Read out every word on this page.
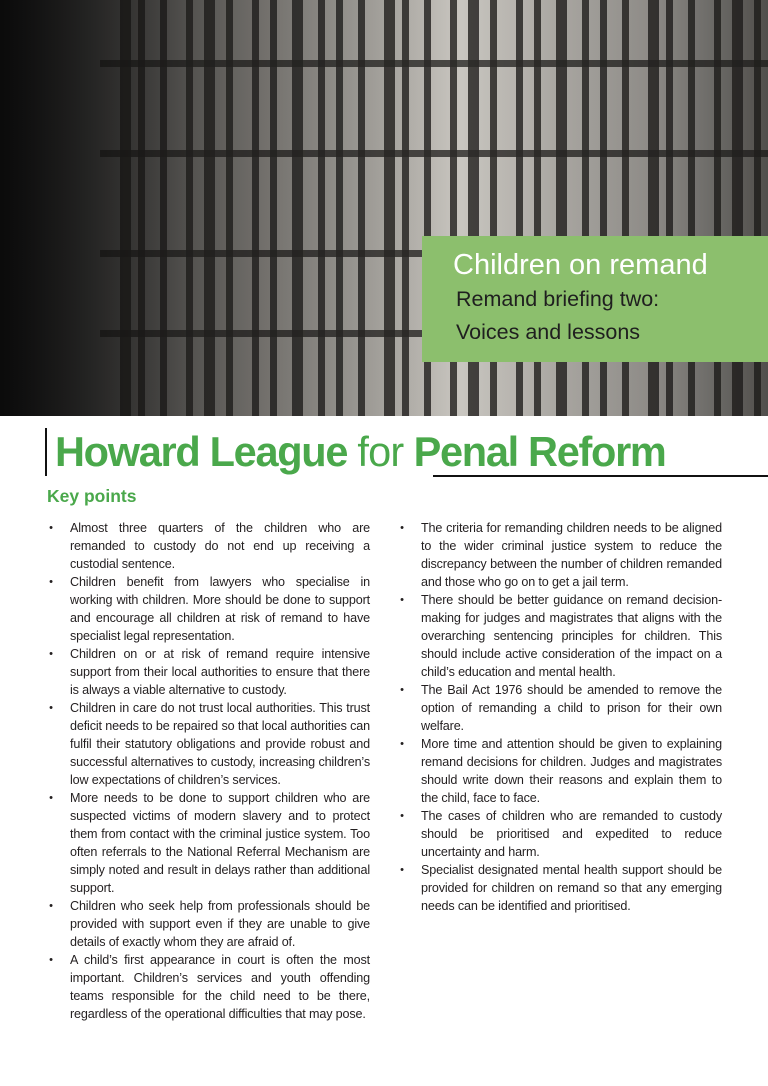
Children on remand
Remand briefing two:
Voices and lessons
Howard League for Penal Reform
Key points
• Almost three quarters of the children who are remanded to custody do not end up receiving a custodial sentence.
• Children benefit from lawyers who specialise in working with children. More should be done to support and encourage all children at risk of remand to have specialist legal representation.
• Children on or at risk of remand require intensive support from their local authorities to ensure that there is always a viable alternative to custody.
• Children in care do not trust local authorities. This trust deficit needs to be repaired so that local authorities can fulfil their statutory obligations and provide robust and successful alternatives to custody, increasing children’s low expectations of children’s services.
• More needs to be done to support children who are suspected victims of modern slavery and to protect them from contact with the criminal justice system. Too often referrals to the National Referral Mechanism are simply noted and result in delays rather than additional support.
• Children who seek help from professionals should be provided with support even if they are unable to give details of exactly whom they are afraid of.
• A child’s first appearance in court is often the most important. Children’s services and youth offending teams responsible for the child need to be there, regardless of the operational difficulties that may pose.
• The criteria for remanding children needs to be aligned to the wider criminal justice system to reduce the discrepancy between the number of children remanded and those who go on to get a jail term.
• There should be better guidance on remand decision-making for judges and magistrates that aligns with the overarching sentencing principles for children. This should include active consideration of the impact on a child’s education and mental health.
• The Bail Act 1976 should be amended to remove the option of remanding a child to prison for their own welfare.
• More time and attention should be given to explaining remand decisions for children. Judges and magistrates should write down their reasons and explain them to the child, face to face.
• The cases of children who are remanded to custody should be prioritised and expedited to reduce uncertainty and harm.
• Specialist designated mental health support should be provided for children on remand so that any emerging needs can be identified and prioritised.
